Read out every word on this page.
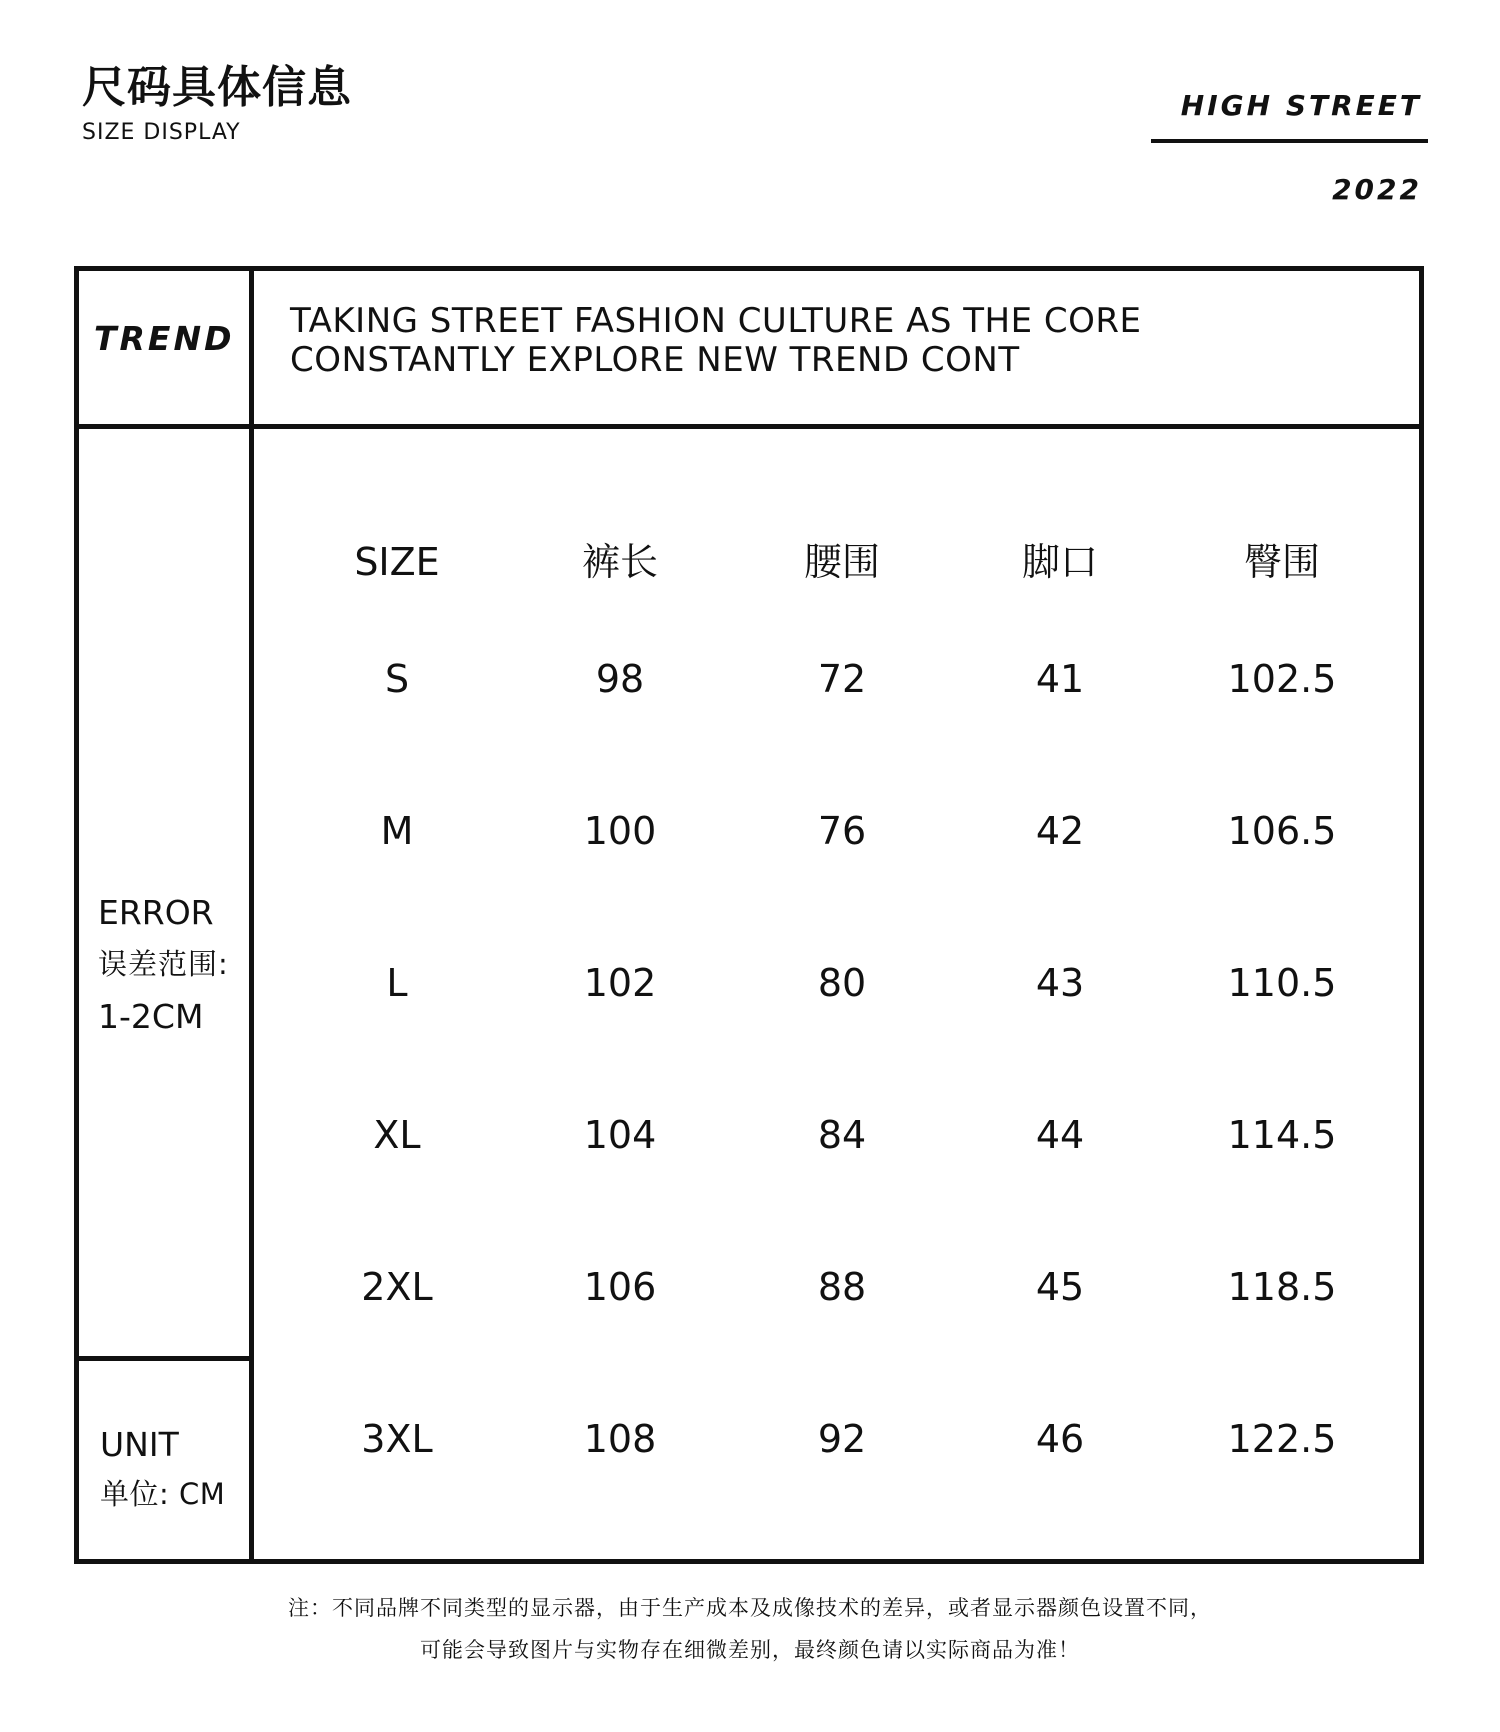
尺码具体信息
SIZE DISPLAY
HIGH STREET
2022
TREND TAKING STREET FASHION CULTURE AS THE CORE
CONSTANTLY EXPLORE NEW TREND CONT
ERROR
误差范围:
1-2CM
UNIT
单位: CM
SIZE	裤长	腰围	脚口	臀围
S	98	72	41	102.5
M	100	76	42	106.5
L	102	80	43	110.5
XL	104	84	44	114.5
2XL	106	88	45	118.5
3XL	108	92	46	122.5
注：不同品牌不同类型的显示器，由于生产成本及成像技术的差异，或者显示器颜色设置不同，
可能会导致图片与实物存在细微差别，最终颜色请以实际商品为准！
